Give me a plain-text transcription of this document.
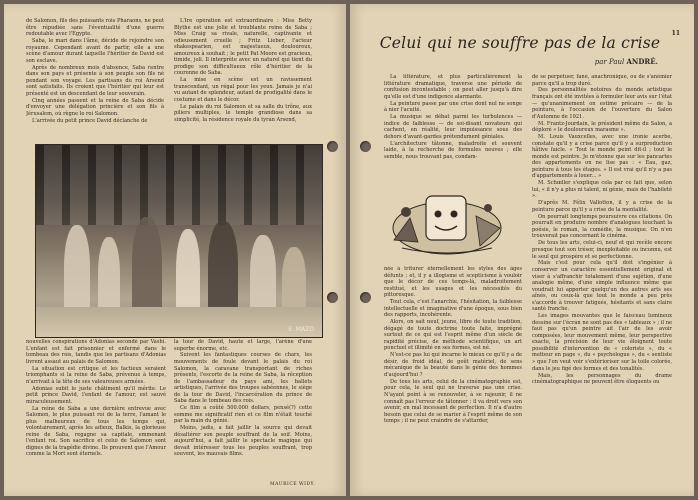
de Salomon, fils des puissants rois Pharaons, ne peut être répudiée sans l'éventualité d'une guerre redoutable avec l'Égypte.

Saba, le mari dans l'âme, décide de rejoindre son royaume. Cependant avant de partir, elle a une scène d'amour durant laquelle l'héritier de David est son esclave.

Après de nombreux mois d'absence, Saba rentre dans son pays et présente à son peuple son fils né pendant son voyage. Les partisans du roi Arsend sont satisfaits. Ils croient que l'héritier qui leur est présenté est un descendant de leur souverain.

Cinq années passent et la reine de Saba décide d'envoyer une délégation princière et son fils à Jérusalem, où règne le roi Salomon.

L'arrivée du petit prince David déclanche de

L'Ire opération est extraordinaire : Miss Betty Blythe est une jolie et troublante reine de Saba ; Miss Craig sa rivale, naturelle, captivante et odieusement cruelle ; Fritz Lieber, l'acteur shakespearien, est majestueux, douloureux, amoureux à souhait ; le petit Pat Moore est gracieux, timide, joli. Il interprète avec un naturel qui tient du prodige son difficultueux rôle d'héritier de la couronne de Saba.

La mise en scène est un ravissement transcendant, un régal pour les yeux. Jamais je n'ai vu autant de splendeur, autant de prodigalité dans le costume et dans le décor.

Le palais du roi Salomon et sa salle du trône, aux piliers multiples, le temple grandiose dans sa simplicité, la résidence royale du tyran Arsend,

E. MAZO

nouvelles conspirations d'Adonias secondé par Vashi. L'enfant est fait prisonnier et enfermé dans le tombeau des rois, tandis que les partisans d'Adonias livrent assaut au palais de Salomon.

La situation est critique et les factieux seraient triomphants si la reine de Saba, prévenue à temps, n'arrivait à la tête de ses valeureuses armées.

Adonias subit le juste châtiment qu'il mérite. Le petit prince David, l'enfant de l'amour, est sauvé miraculeusement.

La reine de Saba a une dernière entrevue avec Salomon, le plus puissant roi de la terre, l'amant le plus malheureux de tous les temps qui, volontairement, après les adieux, Balkis, la glorieuse reine de Saba, regagne sa capitale, emmenant l'enfant roi. Son sacrifice et celui de Salomon sont dignes de la tragédie divine. Ils prouvent que l'Amour comme la Mort sont éternels.

la tour de David, haute et large, l'arène d'une superbe énorme, etc.

Suivent les fantastiques courses de chars, les mouvements de foule devant le palais du roi Salomon, la caravane transportant de riches présents, l'escorte de la reine de Saba, la réception de l'ambassadeur du pays ami, les ballets artistiques, l'arrivée des troupes sabéennes, le siège de la tour de David, l'incarcération du prince de Saba dans le tombeau des rois.

Ce film a coûté 500.000 dollars, pensé(?) cette somme me significatif rien et ce film n'était touché par la main du génie.

Moins, jadis, a fait jaillir la source qui devait désaltérer son peuple souffrant de la soif. Moins, aujourd'hui, a fait jaillir le spectacle magique qui devait intéresser tous les peuples souffrant, trop souvent, les mauvais films.

MAURICE WIDY.
11
Celui qui ne souffre pas de la crise
par Paul ANDRÉ.

La littérature, et plus particulièrement la littérature dramatique, traverse une période de confusion incontestable ; on peut aller jusqu'à dire qu'elle est d'une indigence alarmante.

La peinture passe par une crise dont nul ne songe à nier l'acuité.

La musique se débat parmi les turbulences — indice de faiblesse — de soi-disant novateurs qui cachent, en réalité, leur impuissance sous des dehors d'avant-gardes prétendument géniales.

L'architecture tâtonne, maladroite et souvent laide, à la recherche de formules neuves ; elle semble, nous trouvant pas, condam-

de se perpétuer, fané, anachronique, ou de s'anémier parce qu'il a trop duré.

Des personnalités notoires du monde artistique français ont été invitées à formuler leur avis sur l'état — qu'unanimement on estime précaire — de la peinture, à l'occasion de l'ouverture du Salon d'Automne de 1921.

M. Frantz-Jourdain, le président même du Salon, a déploré « le douloureux marasme ».

M. Louis Vauxcelles, avec une ironie acerbe, constate qu'il y a crise parce qu'il y a surproduction hâtive faicle. « Tout le monde peint dit-il ; tout le monde est peintre. Je m'étonne que sur les pancartes des appartements on ne lise pas : « Eau, gaz, peinture à tous les étages. » Il est vrai qu'il n'y a pas d'appartements à louer... »

M. Schœller s'explique cela par ce fait que, selon lui, « il n'y a plus ni talent, ni génie, mais de l'habileté ».

D'après M. Félix Vallotton, il y a crise de la peinture parce qu'il y a crise de la mentalité.

On pourrait longtemps poursuivre ces citations. On pourrait en produire nombre d'analogues touchant la poésie, le roman, la comédie, la musique. On n'en trouverait pas concernant le cinéma.

De tous les arts, celui-ci, neuf et qui recèle encore presque tout son trésor, inexploitable ou inconnu, est le seul qui prospère et se perfectionne.

Mais c'est pour cela qu'il doit s'ingénier à conserver un caractère essentiellement original et viser à s'affranchir totalement d'une sujétion, d'une analogie même, d'une simple influence même que voudrait lui apporter quelqu'un des autres arts ses aînés, ou ceux-là que tout le monde a peu près s'accorde à trouver fatigués, hésitants et sans claire santé franche.

Les images mouvantes que le faisceau lumineux dessine sur l'écran ne sont pas des « tableaux » ; il ne faut pas qu'un peintre ait l'air de les avoir composées, leur mouvement même, leur perspective exacte, la précision de leur vie éloignent toute possibilité d'intervention de « coloriste », du « metteur en page », du « psychologue », du « sentiste » que l'on veut voir s'extérioriser sur la toile colorée, dans le jeu figé des formes et des tonalités.

Mais, les personnages du drame cinématographique ne peuvent être éloquents ou

née à triturer éternellement les styles des âges défunts ; et, il y a illogisme et scepticisme à vouloir que le décor de ces temps-là, maladroitement restitué, et les usages et les nécessités du pittoresque.

Tout cela, c'est l'anarchie, l'hésitation, la faiblesse intellectuelle et imaginative d'une époque, sous bien des rapports, incohérente.

Alors, on sait neuf, jeune, libre de toute tradition, dégagé de toute doctrine toute faite, imprégné surtout de ce qui est l'esprit même d'un siècle de rapidité précise, de méthode scientifique, un art ponctuel et illimité en ses formes, est né.

N'est-ce pas lui qui incarne le mieux ce qu'il y a de désir, de froid idéal, de goût matériel, de sens mécanique de la beauté dans le génie des hommes d'aujourd'hui ?

De tous les arts, celui de la cinématographie est, pour cela, le seul qui ne traverse pas une crise. N'ayant point à se renouveler, à se rajeunir, il ne connaît pas l'erreur de tâtonner : il va droit vers son avenir, en mal incessant de perfection. Il n'a d'autre besoin que celui de se marier à l'esprit même de son temps ; il ne peut craindre de s'attarder,
